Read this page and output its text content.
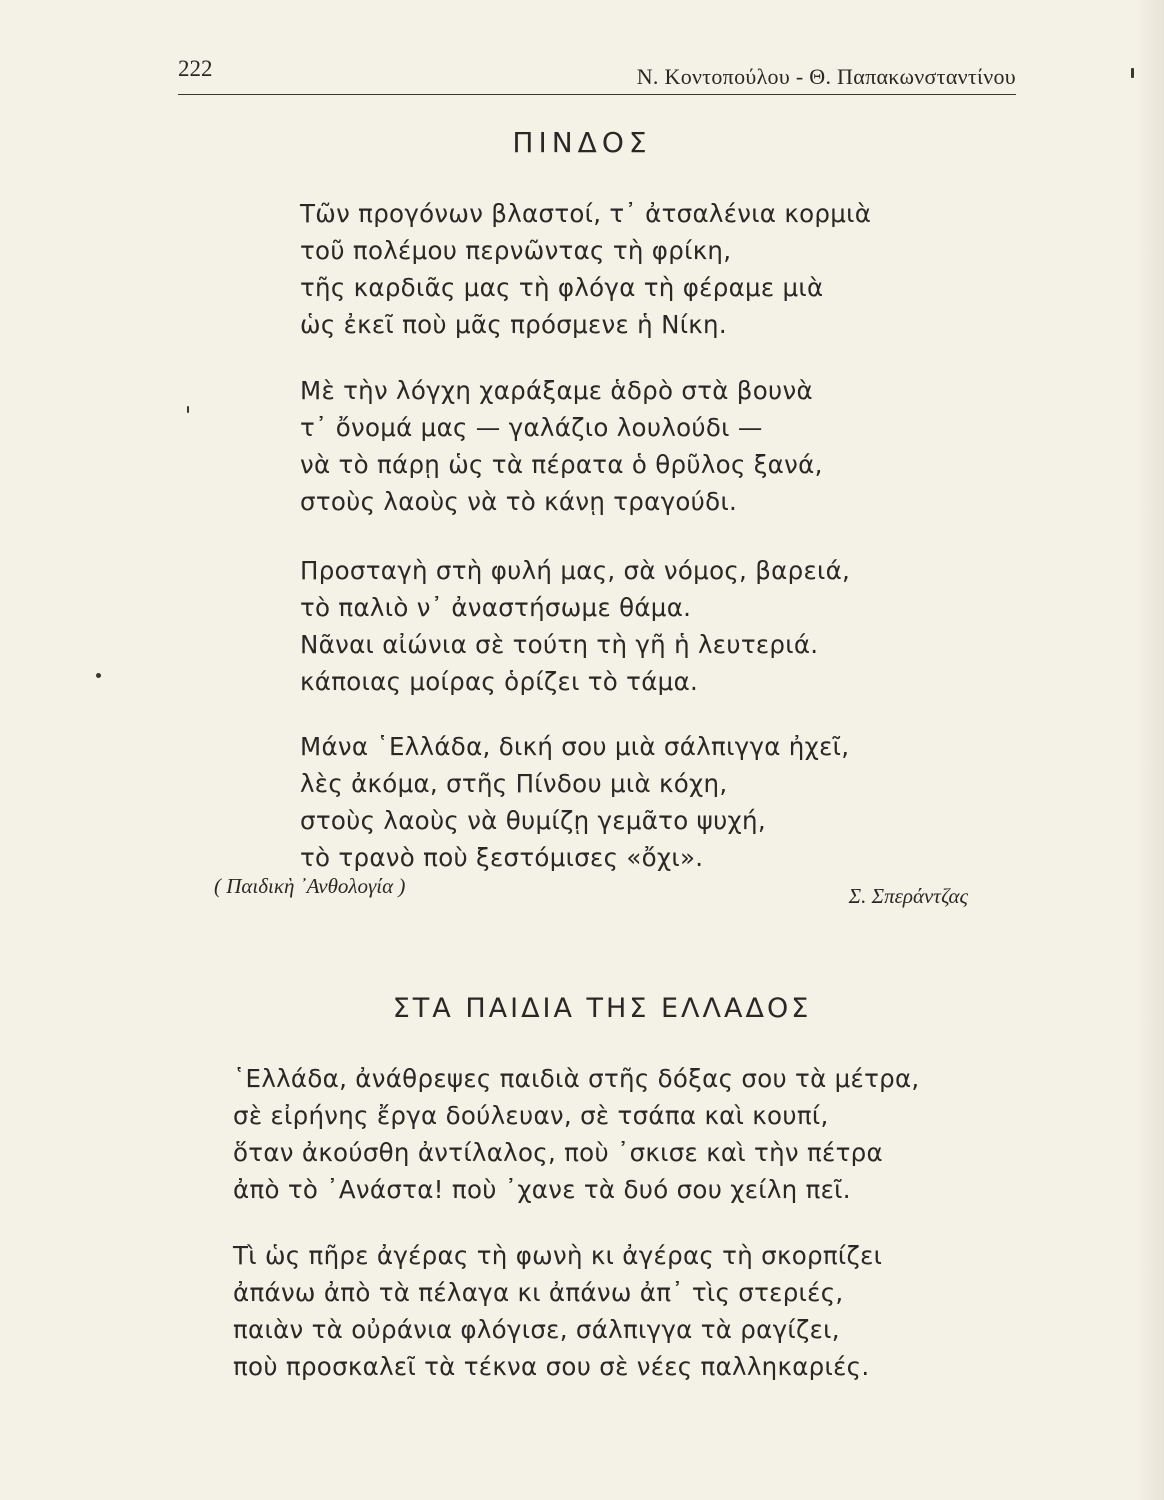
222	Ν. Κοντοπούλου - Θ. Παπακωνσταντίνου
ΠΙΝΔΟΣ
Τῶν προγόνων βλαστοί, τ᾿ ἀτσαλένια κορμιὰ
τοῦ πολέμου περνῶντας τὴ φρίκη,
τῆς καρδιᾶς μας τὴ φλόγα τὴ φέραμε μιὰ
ὡς ἐκεῖ ποὺ μᾶς πρόσμενε ἡ Νίκη.
Μὲ τὴν λόγχη χαράξαμε ἁδρὸ στὰ βουνὰ
τ᾿ ὄνομά μας — γαλάζιο λουλούδι —
νὰ τὸ πάρῃ ὡς τὰ πέρατα ὁ θρῦλος ξανά,
στοὺς λαοὺς νὰ τὸ κάνῃ τραγούδι.
Προσταγὴ στὴ φυλή μας, σὰ νόμος, βαρειά,
τὸ παλιὸ ν᾿ ἀναστήσωμε θάμα.
Νᾶναι αἰώνια σὲ τούτη τὴ γῆ ἡ λευτεριά.
κάποιας μοίρας ὁρίζει τὸ τάμα.
Μάνα ῾Ελλάδα, δική σου μιὰ σάλπιγγα ἠχεῖ,
λὲς ἀκόμα, στῆς Πίνδου μιὰ κόχη,
στοὺς λαοὺς νὰ θυμίζῃ γεμᾶτο ψυχή,
τὸ τρανὸ ποὺ ξεστόμισες «ὄχι».
( Παιδικὴ ᾿Ανθολογία )	Σ. Σπεράντζας
ΣΤΑ ΠΑΙΔΙΑ ΤΗΣ ΕΛΛΑΔΟΣ
῾Ελλάδα, ἀνάθρεψες παιδιὰ στῆς δόξας σου τὰ μέτρα,
σὲ εἰρήνης ἔργα δούλευαν, σὲ τσάπα καὶ κουπί,
ὅταν ἀκούσθη ἀντίλαλος, ποὺ ᾿σκισε καὶ τὴν πέτρα
ἀπὸ τὸ ᾿Ανάστα! ποὺ ᾿χανε τὰ δυό σου χείλη πεῖ.
Τὶ ὡς πῆρε ἀγέρας τὴ φωνὴ κι ἀγέρας τὴ σκορπίζει
ἀπάνω ἀπὸ τὰ πέλαγα κι ἀπάνω ἀπ᾿ τὶς στεριές,
παιὰν τὰ οὐράνια φλόγισε, σάλπιγγα τὰ ραγίζει,
ποὺ προσκαλεῖ τὰ τέκνα σου σὲ νέες παλληκαριές.
